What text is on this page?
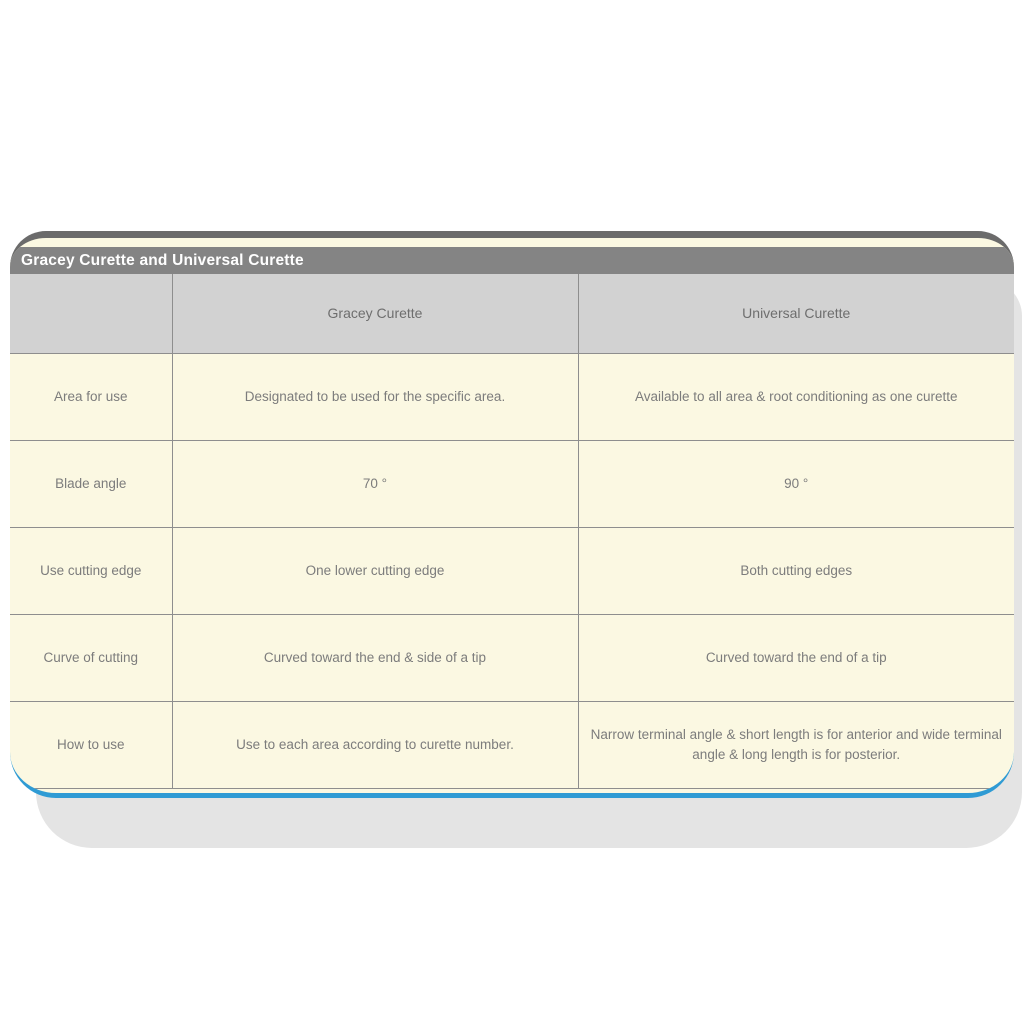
Gracey Curette and Universal Curette
	Gracey Curette	Universal Curette
Area for use	Designated to be used for the specific area.	Available to all area & root conditioning as one curette
Blade angle	70 °	90 °
Use cutting edge	One lower cutting edge	Both cutting edges
Curve of cutting	Curved toward the end & side of a tip	Curved toward the end of a tip
How to use	Use to each area according to curette number.	Narrow terminal angle & short length is for anterior and wide terminal angle & long length is for posterior.
